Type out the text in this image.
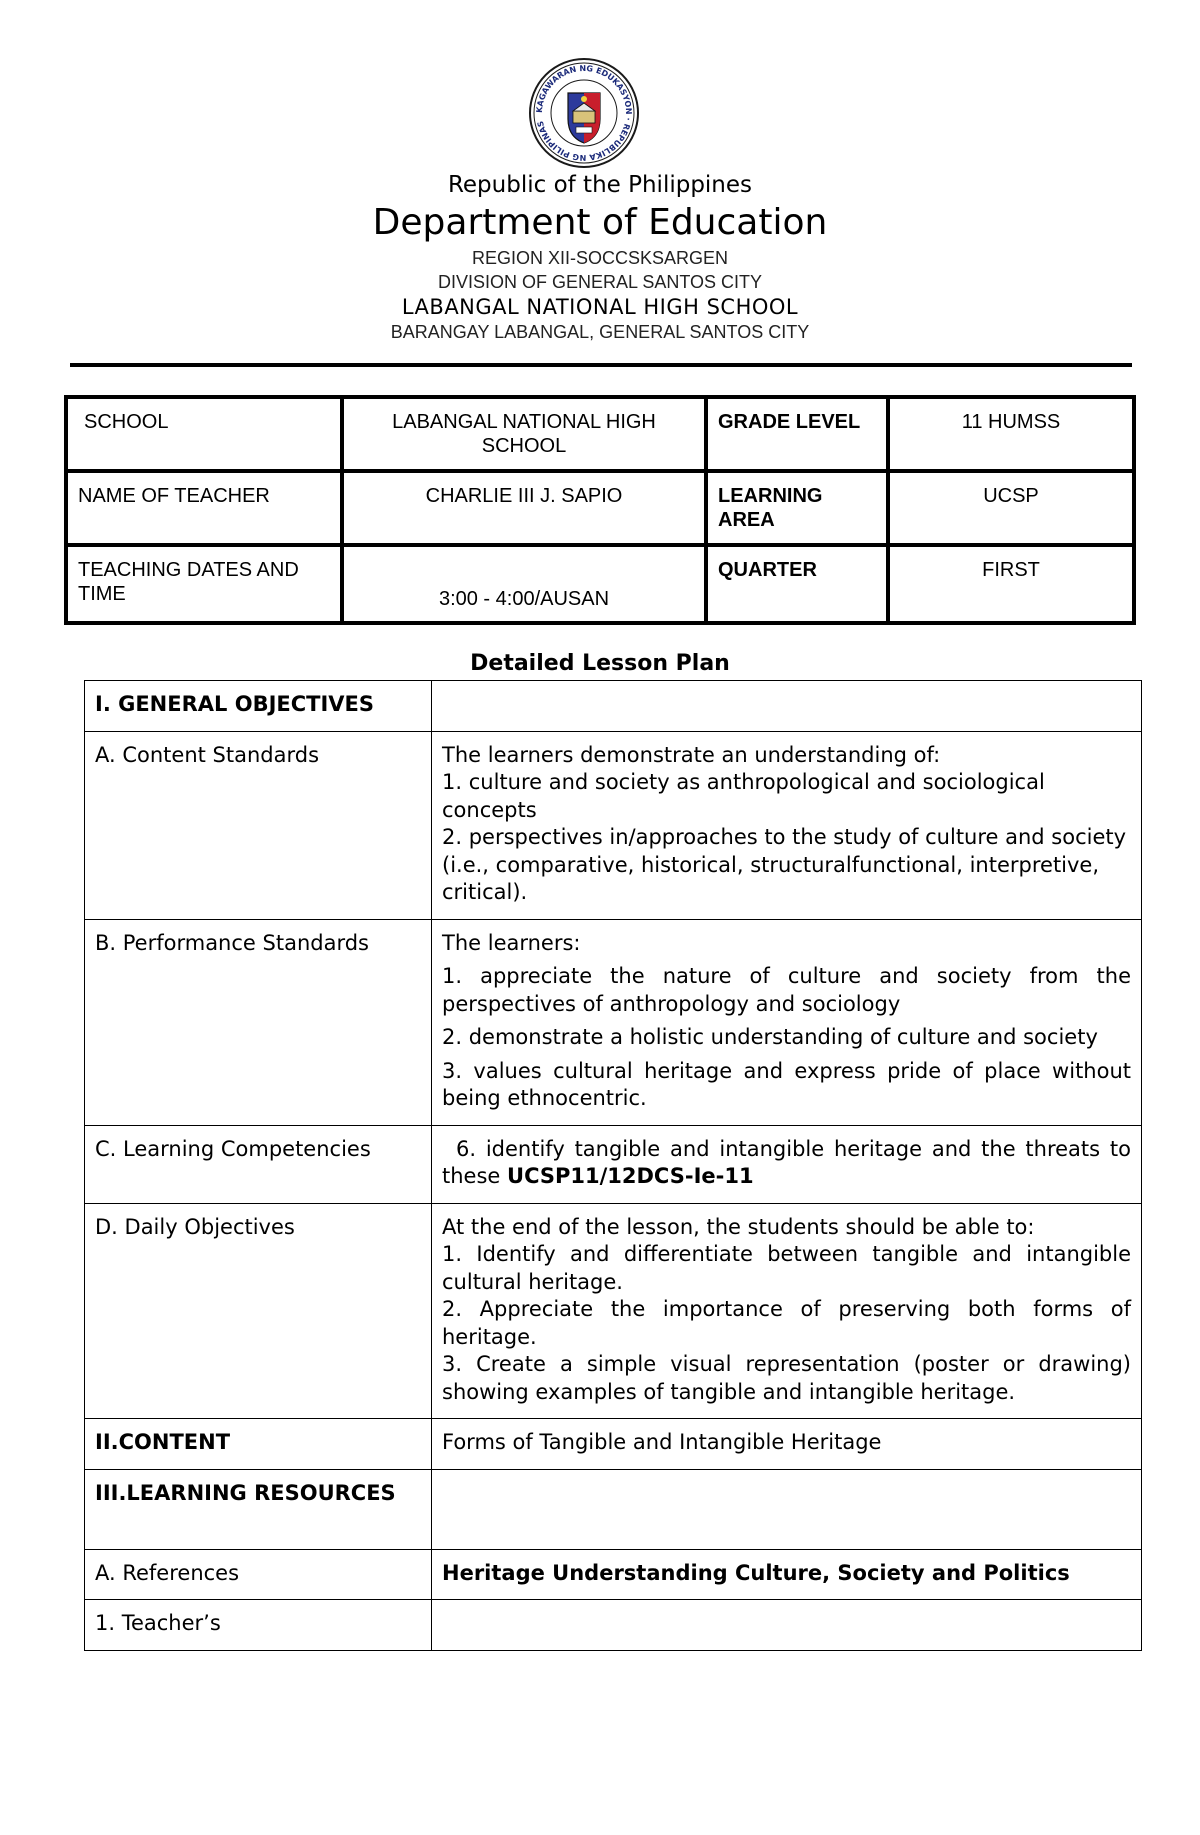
KAGAWARAN NG EDUKASYON · REPUBLIKA NG PILIPINAS
Republic of the Philippines
Department of Education
REGION XII-SOCCSKSARGEN
DIVISION OF GENERAL SANTOS CITY
LABANGAL NATIONAL HIGH SCHOOL
BARANGAY LABANGAL, GENERAL SANTOS CITY
SCHOOL	LABANGAL NATIONAL HIGH SCHOOL	GRADE LEVEL	11 HUMSS
NAME OF TEACHER	CHARLIE III J. SAPIO	LEARNING AREA	UCSP
TEACHING DATES AND TIME	3:00 - 4:00/AUSAN	QUARTER	FIRST
Detailed Lesson Plan
I. GENERAL OBJECTIVES	
A. Content Standards	The learners demonstrate an understanding of:
1. culture and society as anthropological and sociological concepts
2. perspectives in/approaches to the study of culture and society (i.e., comparative, historical, structuralfunctional, interpretive,
critical).

B. Performance Standards	The learners:
1. appreciate the nature of culture and society from the perspectives of anthropology and sociology
2. demonstrate a holistic understanding of culture and society
3. values cultural heritage and express pride of place without being ethnocentric.

C. Learning Competencies	6. identify tangible and intangible heritage and the threats to these UCSP11/12DCS-Ie-11
D. Daily Objectives	At the end of the lesson, the students should be able to:
1. Identify and differentiate between tangible and intangible cultural heritage.
2. Appreciate the importance of preserving both forms of heritage.
3. Create a simple visual representation (poster or drawing) showing examples of tangible and intangible heritage.

II.CONTENT	Forms of Tangible and Intangible Heritage
III.LEARNING RESOURCES	
A. References	Heritage Understanding Culture, Society and Politics
1. Teacher’s	
